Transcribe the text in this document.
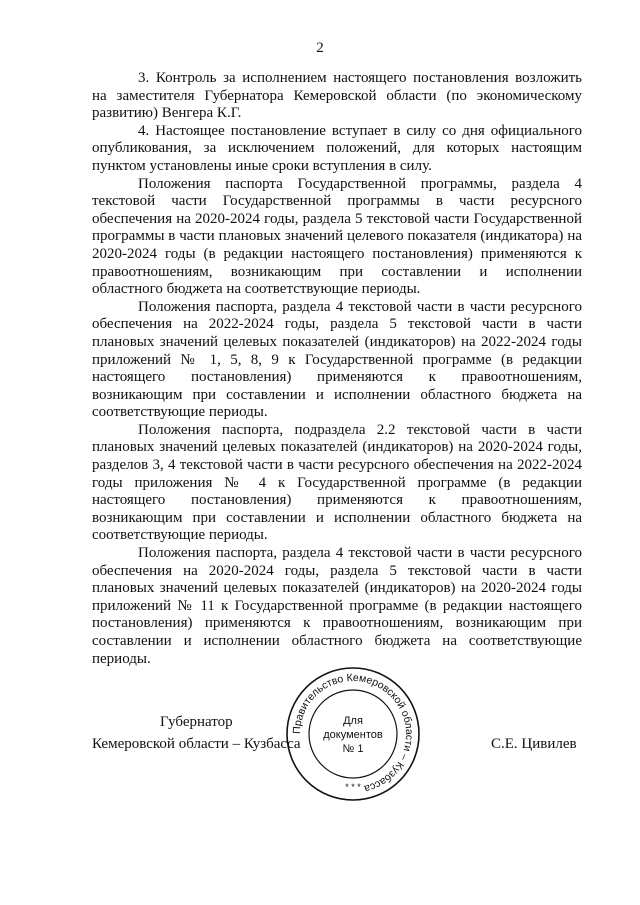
2

3. Контроль за исполнением настоящего постановления возложить на заместителя Губернатора Кемеровской области (по экономическому развитию) Венгера К.Г.

4. Настоящее постановление вступает в силу со дня официального опубликования, за исключением положений, для которых настоящим пунктом установлены иные сроки вступления в силу.

Положения паспорта Государственной программы, раздела 4 текстовой части Государственной программы в части ресурсного обеспечения на 2020-2024 годы, раздела 5 текстовой части Государственной программы в части плановых значений целевого показателя (индикатора) на 2020-2024 годы (в редакции настоящего постановления) применяются к правоотношениям, возникающим при составлении и исполнении областного бюджета на соответствующие периоды.

Положения паспорта, раздела 4 текстовой части в части ресурсного обеспечения на 2022-2024 годы, раздела 5 текстовой части в части плановых значений целевых показателей (индикаторов) на 2022-2024 годы приложений № 1, 5, 8, 9 к Государственной программе (в редакции настоящего постановления) применяются к правоотношениям, возникающим при составлении и исполнении областного бюджета на соответствующие периоды.

Положения паспорта, подраздела 2.2 текстовой части в части плановых значений целевых показателей (индикаторов) на 2020-2024 годы, разделов 3, 4 текстовой части в части ресурсного обеспечения на 2022-2024 годы приложения № 4 к Государственной программе (в редакции настоящего постановления) применяются к правоотношениям, возникающим при составлении и исполнении областного бюджета на соответствующие периоды.

Положения паспорта, раздела 4 текстовой части в части ресурсного обеспечения на 2020-2024 годы, раздела 5 текстовой части в части плановых значений целевых показателей (индикаторов) на 2020-2024 годы приложений № 11 к Государственной программе (в редакции настоящего постановления) применяются к правоотношениям, возникающим при составлении и исполнении областного бюджета на соответствующие периоды.

Губернатор
Кемеровской области – Кузбасса	С.Е. Цивилев
Правительство Кемеровской области – Кузбасса
* * *
Для
документов
№ 1
